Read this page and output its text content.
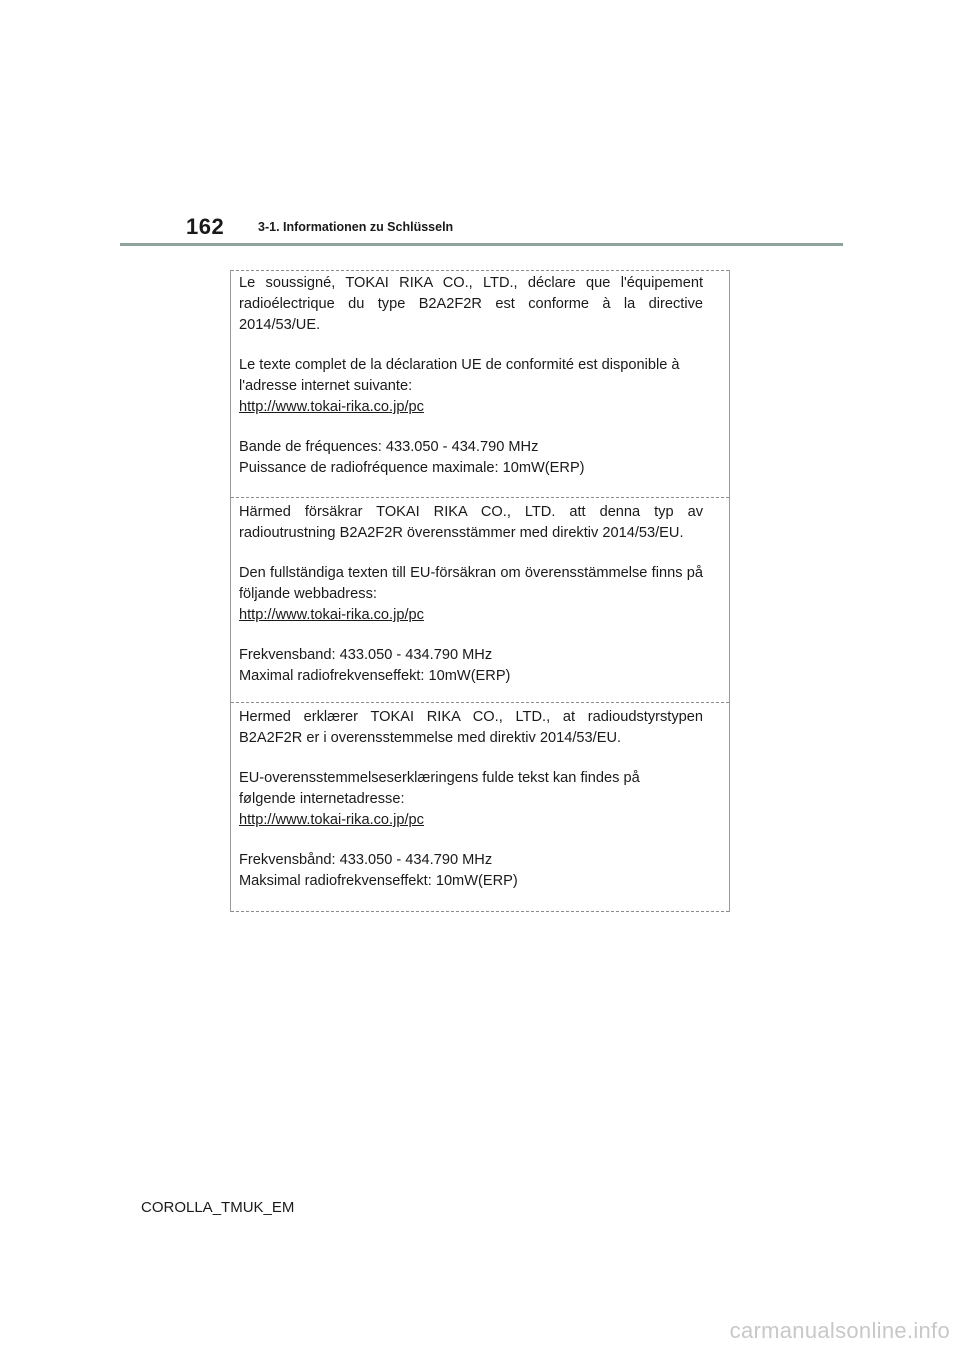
162	3-1. Informationen zu Schlüsseln

Le soussigné, TOKAI RIKA CO., LTD., déclare que l'équipement radioélectrique du type B2A2F2R est conforme à la directive 2014/53/UE.

Le texte complet de la déclaration UE de conformité est disponible à

l'adresse internet suivante:

http://www.tokai-rika.co.jp/pc

Bande de fréquences: 433.050 - 434.790 MHz

Puissance de radiofréquence maximale: 10mW(ERP)

Härmed försäkrar TOKAI RIKA CO., LTD. att denna typ av radioutrustning B2A2F2R överensstämmer med direktiv 2014/53/EU.

Den fullständiga texten till EU-försäkran om överensstämmelse finns på följande webbadress:

http://www.tokai-rika.co.jp/pc

Frekvensband: 433.050 - 434.790 MHz

Maximal radiofrekvenseffekt: 10mW(ERP)

Hermed erklærer TOKAI RIKA CO., LTD., at radioudstyrstypen B2A2F2R er i overensstemmelse med direktiv 2014/53/EU.

EU-overensstemmelseserklæringens fulde tekst kan findes på

følgende internetadresse:

http://www.tokai-rika.co.jp/pc

Frekvensbånd: 433.050 - 434.790 MHz

Maksimal radiofrekvenseffekt: 10mW(ERP)

COROLLA_TMUK_EM
carmanualsonline.info
